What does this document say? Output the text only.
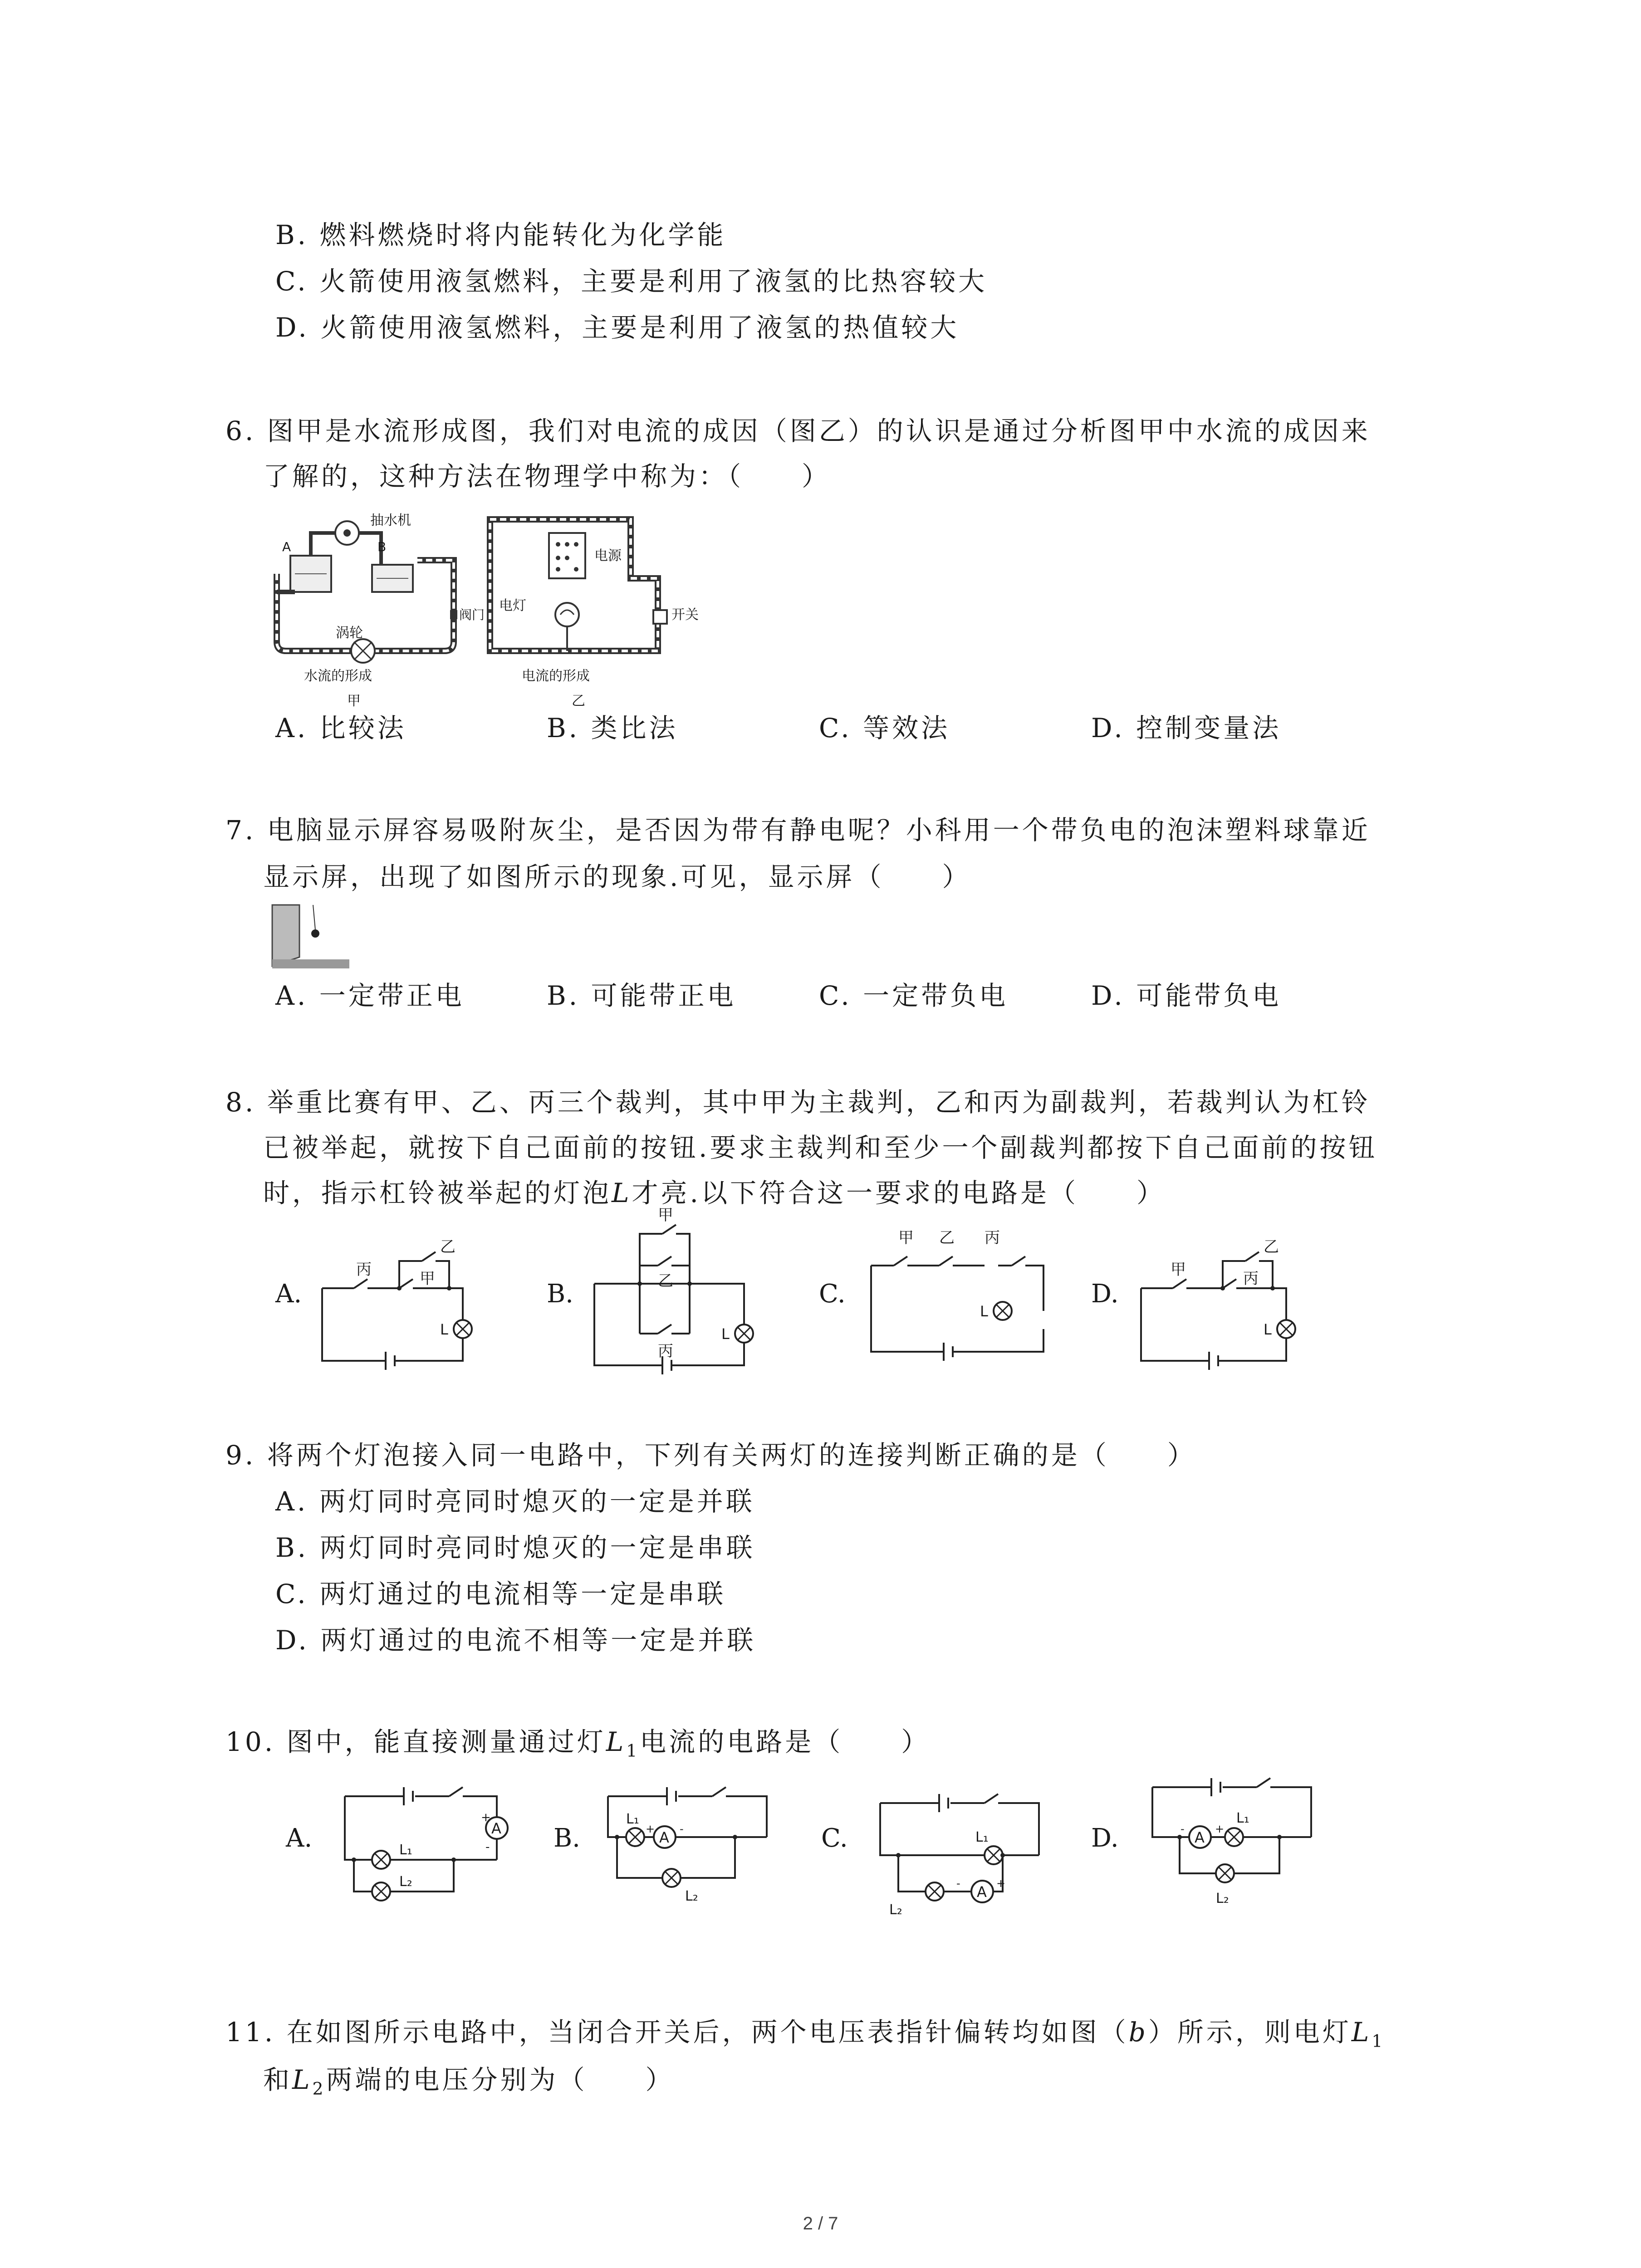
B. 燃料燃烧时将内能转化为化学能
C. 火箭使用液氢燃料，主要是利用了液氢的比热容较大
D. 火箭使用液氢燃料，主要是利用了液氢的热值较大
6. 图甲是水流形成图，我们对电流的成因（图乙）的认识是通过分析图甲中水流的成因来
了解的，这种方法在物理学中称为：（　　）
抽水机
A	B
阀门
涡轮
水流的形成
甲
电源
电灯
开关
电流的形成
乙
A. 比较法	B. 类比法	C. 等效法	D. 控制变量法
7. 电脑显示屏容易吸附灰尘，是否因为带有静电呢？小科用一个带负电的泡沫塑料球靠近
显示屏，出现了如图所示的现象.可见，显示屏（　　）
A. 一定带正电	B. 可能带正电	C. 一定带负电	D. 可能带负电
8. 举重比赛有甲、乙、丙三个裁判，其中甲为主裁判，乙和丙为副裁判，若裁判认为杠铃
已被举起，就按下自己面前的按钮.要求主裁判和至少一个副裁判都按下自己面前的按钮
时，指示杠铃被举起的灯泡L才亮.以下符合这一要求的电路是（　　）
A.	B.	C.	D.
丙	甲
乙
L
甲
乙
丙
L
甲 乙 丙
L
甲	丙
乙
L
9. 将两个灯泡接入同一电路中，下列有关两灯的连接判断正确的是（　　）
A. 两灯同时亮同时熄灭的一定是并联
B. 两灯同时亮同时熄灭的一定是串联
C. 两灯通过的电流相等一定是串联
D. 两灯通过的电流不相等一定是并联
10. 图中，能直接测量通过灯$L_1$电流的电路是（　　）
A.	B.	C.	D.
A
+
-
L₁
L₂
A
+ -
L₁
L₂	A
-	+
L₁
L₂
A
-	+
L₁
L₂
11. 在如图所示电路中，当闭合开关后，两个电压表指针偏转均如图（b）所示，则电灯$L_1$
和$L_2$两端的电压分别为（　　）
2 / 7
